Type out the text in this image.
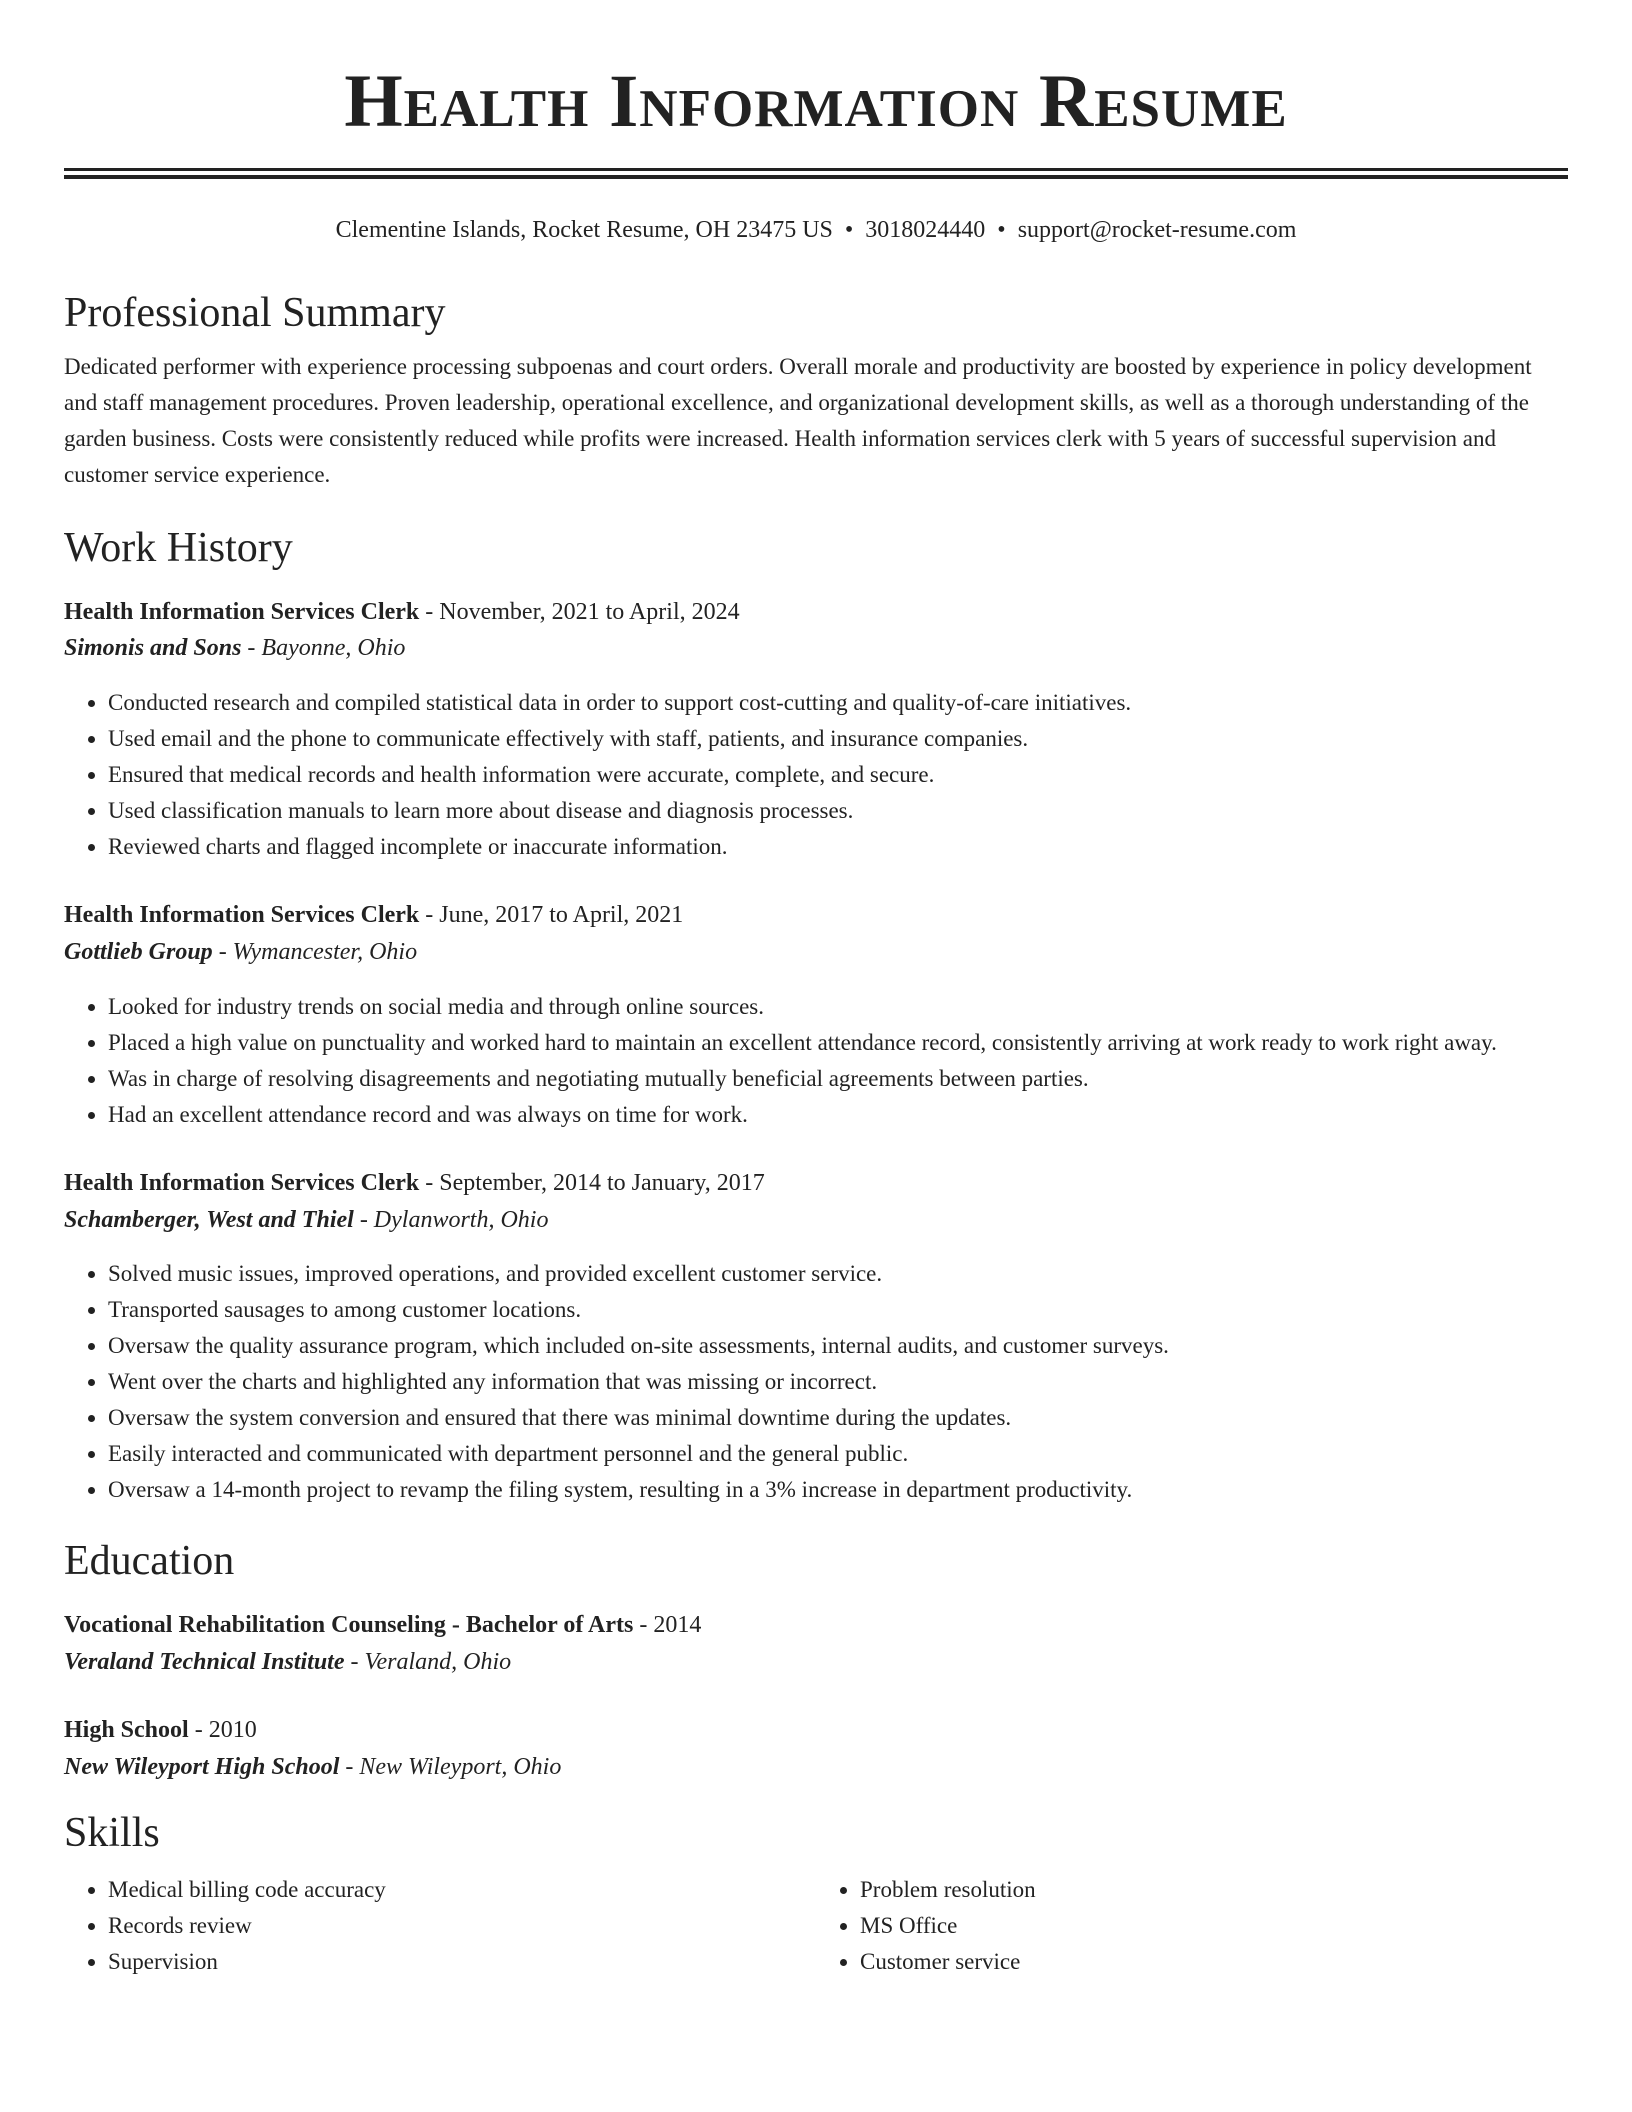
Health Information Resume
Clementine Islands, Rocket Resume, OH 23475 US • 3018024440 • support@rocket-resume.com
Professional Summary

Dedicated performer with experience processing subpoenas and court orders. Overall morale and productivity are boosted by experience in policy development and staff management procedures. Proven leadership, operational excellence, and organizational development skills, as well as a thorough understanding of the garden business. Costs were consistently reduced while profits were increased. Health information services clerk with 5 years of successful supervision and customer service experience.

Work History
Health Information Services Clerk - November, 2021 to April, 2024
Simonis and Sons - Bayonne, Ohio
• Conducted research and compiled statistical data in order to support cost-cutting and quality-of-care initiatives.
• Used email and the phone to communicate effectively with staff, patients, and insurance companies.
• Ensured that medical records and health information were accurate, complete, and secure.
• Used classification manuals to learn more about disease and diagnosis processes.
• Reviewed charts and flagged incomplete or inaccurate information.
Health Information Services Clerk - June, 2017 to April, 2021
Gottlieb Group - Wymancester, Ohio
• Looked for industry trends on social media and through online sources.
• Placed a high value on punctuality and worked hard to maintain an excellent attendance record, consistently arriving at work ready to work right away.
• Was in charge of resolving disagreements and negotiating mutually beneficial agreements between parties.
• Had an excellent attendance record and was always on time for work.
Health Information Services Clerk - September, 2014 to January, 2017
Schamberger, West and Thiel - Dylanworth, Ohio
• Solved music issues, improved operations, and provided excellent customer service.
• Transported sausages to among customer locations.
• Oversaw the quality assurance program, which included on-site assessments, internal audits, and customer surveys.
• Went over the charts and highlighted any information that was missing or incorrect.
• Oversaw the system conversion and ensured that there was minimal downtime during the updates.
• Easily interacted and communicated with department personnel and the general public.
• Oversaw a 14-month project to revamp the filing system, resulting in a 3% increase in department productivity.
Education
Vocational Rehabilitation Counseling - Bachelor of Arts - 2014
Veraland Technical Institute - Veraland, Ohio
High School - 2010
New Wileyport High School - New Wileyport, Ohio
Skills
• Medical billing code accuracy
• Records review
• Supervision
• Problem resolution
• MS Office
• Customer service
